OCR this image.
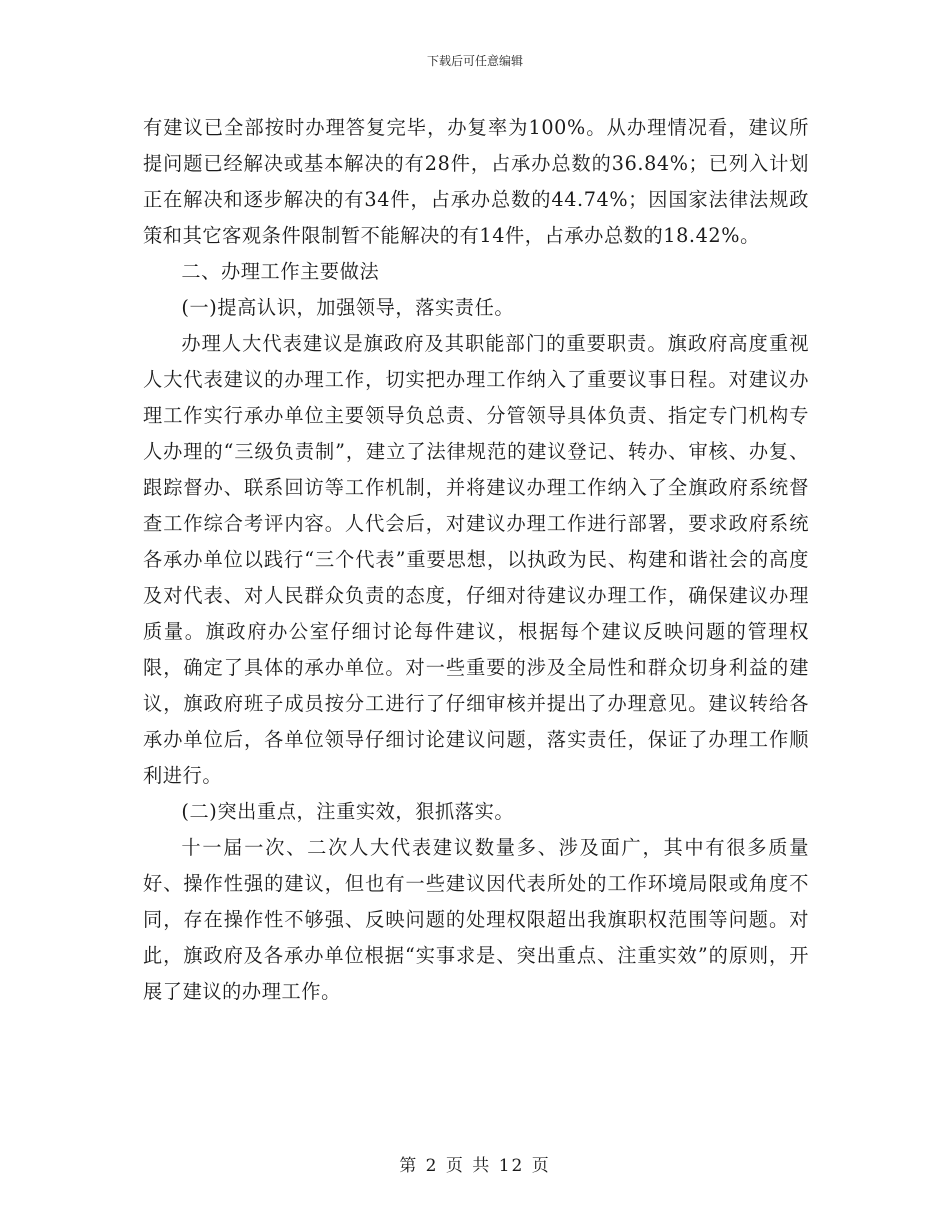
下载后可任意编辑

有建议已全部按时办理答复完毕，办复率为100%。从办理情况看，建议所提问题已经解决或基本解决的有28件，占承办总数的36.84%；已列入计划正在解决和逐步解决的有34件，占承办总数的44.74%；因国家法律法规政策和其它客观条件限制暂不能解决的有14件，占承办总数的18.42%。

二、办理工作主要做法

(一)提高认识，加强领导，落实责任。

办理人大代表建议是旗政府及其职能部门的重要职责。旗政府高度重视人大代表建议的办理工作，切实把办理工作纳入了重要议事日程。对建议办理工作实行承办单位主要领导负总责、分管领导具体负责、指定专门机构专人办理的“三级负责制”，建立了法律规范的建议登记、转办、审核、办复、跟踪督办、联系回访等工作机制，并将建议办理工作纳入了全旗政府系统督查工作综合考评内容。人代会后，对建议办理工作进行部署，要求政府系统各承办单位以践行“三个代表”重要思想，以执政为民、构建和谐社会的高度及对代表、对人民群众负责的态度，仔细对待建议办理工作，确保建议办理质量。旗政府办公室仔细讨论每件建议，根据每个建议反映问题的管理权限，确定了具体的承办单位。对一些重要的涉及全局性和群众切身利益的建议，旗政府班子成员按分工进行了仔细审核并提出了办理意见。建议转给各承办单位后，各单位领导仔细讨论建议问题，落实责任，保证了办理工作顺利进行。

(二)突出重点，注重实效，狠抓落实。

十一届一次、二次人大代表建议数量多、涉及面广，其中有很多质量好、操作性强的建议，但也有一些建议因代表所处的工作环境局限或角度不同，存在操作性不够强、反映问题的处理权限超出我旗职权范围等问题。对此，旗政府及各承办单位根据“实事求是、突出重点、注重实效”的原则，开展了建议的办理工作。

第 2 页 共 12 页
